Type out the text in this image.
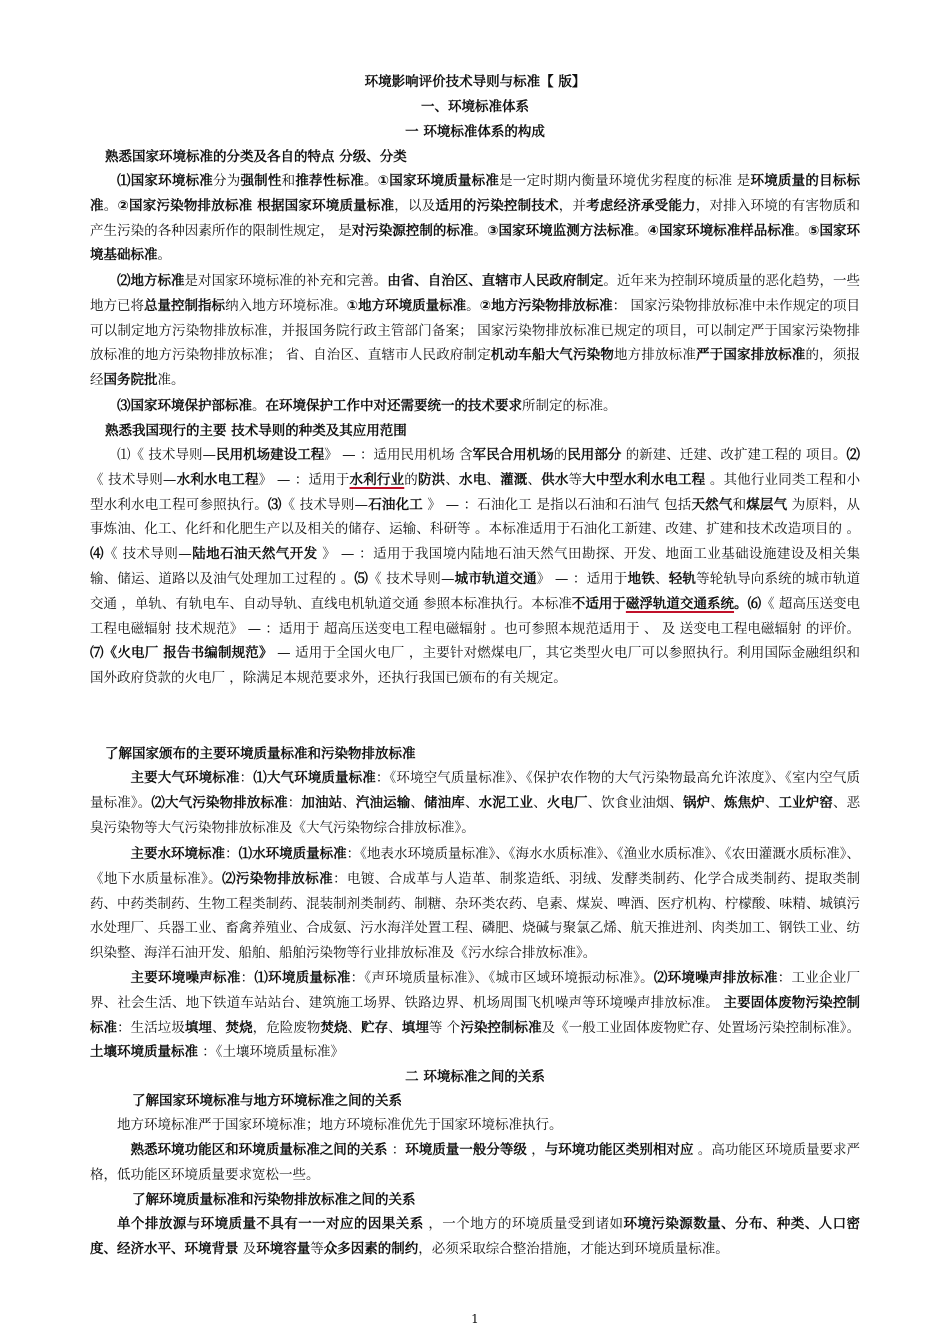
环境影响评价技术导则与标准【 版】
一、环境标准体系
一 环境标准体系的构成
熟悉国家环境标准的分类及各自的特点 分级、分类

⑴国家环境标准分为强制性和推荐性标准。①国家环境质量标准是一定时期内衡量环境优劣程度的标准 是环境质量的目标标准。②国家污染物排放标准 根据国家环境质量标准，以及适用的污染控制技术，并考虑经济承受能力，对排入环境的有害物质和产生污染的各种因素所作的限制性规定， 是对污染源控制的标准。③国家环境监测方法标准。④国家环境标准样品标准。⑤国家环境基础标准。

⑵地方标准是对国家环境标准的补充和完善。由省、自治区、直辖市人民政府制定。近年来为控制环境质量的恶化趋势，一些地方已将总量控制指标纳入地方环境标准。①地方环境质量标准。②地方污染物排放标准： 国家污染物排放标准中未作规定的项目可以制定地方污染物排放标准，并报国务院行政主管部门备案； 国家污染物排放标准已规定的项目，可以制定严于国家污染物排放标准的地方污染物排放标准； 省、自治区、直辖市人民政府制定机动车船大气污染物地方排放标准严于国家排放标准的，须报经国务院批准。

⑶国家环境保护部标准。在环境保护工作中对还需要统一的技术要求所制定的标准。

熟悉我国现行的主要 技术导则的种类及其应用范围

⑴《 技术导则—民用机场建设工程》 — ：适用民用机场 含军民合用机场的民用部分 的新建、迁建、改扩建工程的 项目。⑵《 技术导则—水利水电工程》 — ：适用于水利行业的防洪、水电、灌溉、供水等大中型水利水电工程 。其他行业同类工程和小型水利水电工程可参照执行。⑶《 技术导则—石油化工 》 — ：石油化工 是指以石油和石油气 包括天然气和煤层气 为原料，从事炼油、化工、化纤和化肥生产以及相关的储存、运输、科研等 。本标准适用于石油化工新建、改建、扩建和技术改造项目的 。⑷《 技术导则—陆地石油天然气开发 》 — ：适用于我国境内陆地石油天然气田勘探、开发、地面工业基础设施建设及相关集输、储运、道路以及油气处理加工过程的 。⑸《 技术导则—城市轨道交通》 — ：适用于地铁、轻轨等轮轨导向系统的城市轨道交通 ，单轨、有轨电车、自动导轨、直线电机轨道交通 参照本标准执行。本标准不适用于磁浮轨道交通系统。⑹《 超高压送变电工程电磁辐射 技术规范》 — ：适用于 超高压送变电工程电磁辐射 。也可参照本规范适用于 、 及 送变电工程电磁辐射 的评价。⑺《火电厂 报告书编制规范》 — 适用于全国火电厂 ，主要针对燃煤电厂，其它类型火电厂可以参照执行。利用国际金融组织和国外政府贷款的火电厂 ，除满足本规范要求外，还执行我国已颁布的有关规定。

了解国家颁布的主要环境质量标准和污染物排放标准

主要大气环境标准：⑴大气环境质量标准：《环境空气质量标准》、《保护农作物的大气污染物最高允许浓度》、《室内空气质量标准》。⑵大气污染物排放标准：加油站、汽油运输、储油库、水泥工业、火电厂、饮食业油烟、锅炉、炼焦炉、工业炉窑、恶臭污染物等大气污染物排放标准及《大气污染物综合排放标准》。

主要水环境标准：⑴水环境质量标准：《地表水环境质量标准》、《海水水质标准》、《渔业水质标准》、《农田灌溉水质标准》、《地下水质量标准》。⑵污染物排放标准：电镀、合成革与人造革、制浆造纸、羽绒、发酵类制药、化学合成类制药、提取类制药、中药类制药、生物工程类制药、混装制剂类制药、制糖、杂环类农药、皂素、煤炭、啤酒、医疗机构、柠檬酸、味精、城镇污水处理厂、兵器工业、畜禽养殖业、合成氨、污水海洋处置工程、磷肥、烧碱与聚氯乙烯、航天推进剂、肉类加工、钢铁工业、纺织染整、海洋石油开发、船舶、船舶污染物等行业排放标准及《污水综合排放标准》。

主要环境噪声标准：⑴环境质量标准：《声环境质量标准》、《城市区域环境振动标准》。⑵环境噪声排放标准：工业企业厂界、社会生活、地下铁道车站站台、建筑施工场界、铁路边界、机场周围飞机噪声等环境噪声排放标准。 主要固体废物污染控制标准：生活垃圾填埋、焚烧，危险废物焚烧、贮存、填埋等 个污染控制标准及《一般工业固体废物贮存、处置场污染控制标准》。 土壤环境质量标准 ：《土壤环境质量标准》

二 环境标准之间的关系
了解国家环境标准与地方环境标准之间的关系

地方环境标准严于国家环境标准；地方环境标准优先于国家环境标准执行。

熟悉环境功能区和环境质量标准之间的关系 ：环境质量一般分等级 ，与环境功能区类别相对应 。高功能区环境质量要求严格，低功能区环境质量要求宽松一些。

了解环境质量标准和污染物排放标准之间的关系

单个排放源与环境质量不具有一一对应的因果关系 ，一个地方的环境质量受到诸如环境污染源数量、分布、种类、人口密度、经济水平、环境背景 及环境容量等众多因素的制约，必须采取综合整治措施，才能达到环境质量标准。

1
